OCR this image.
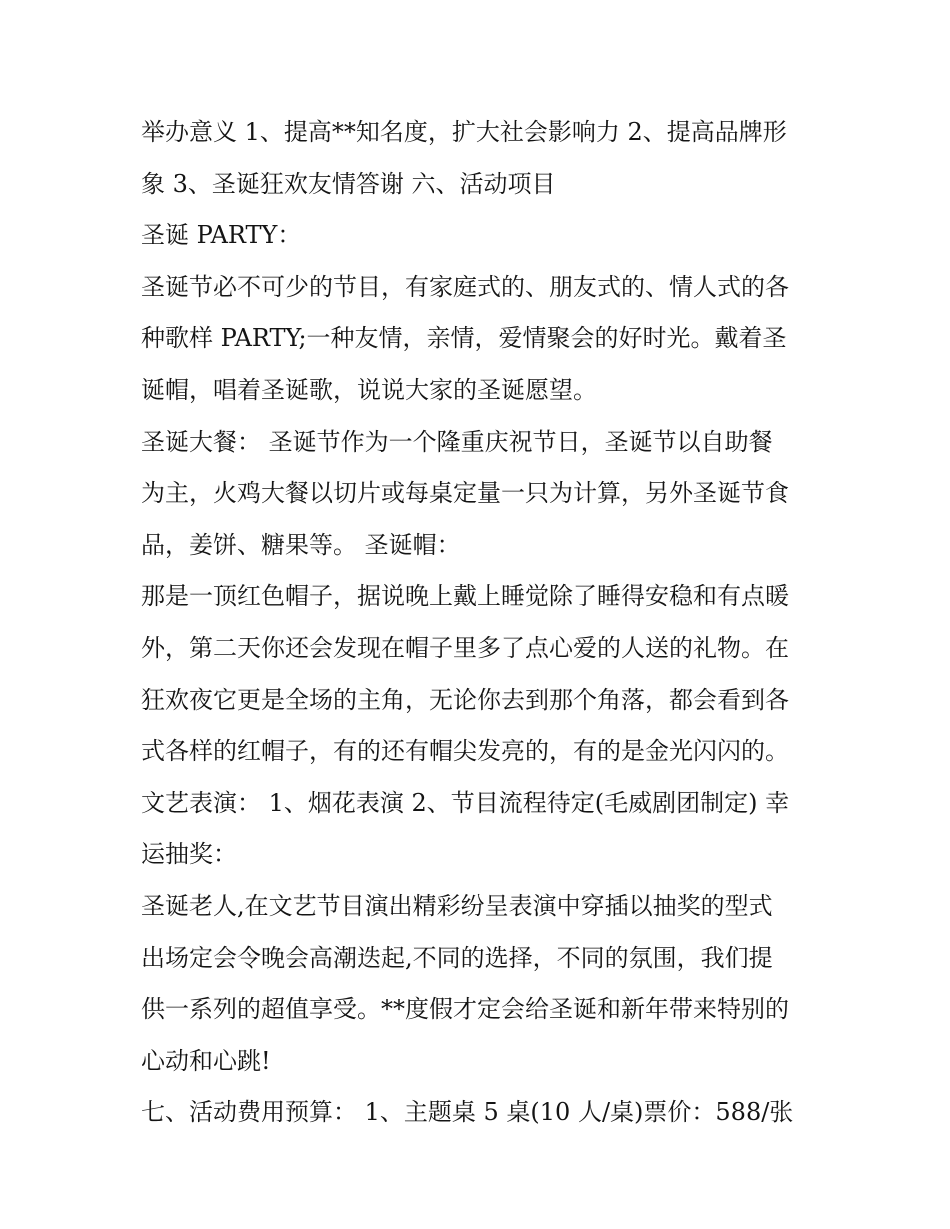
举办意义 1、提高**知名度，扩大社会影响力 2、提高品牌形
象 3、圣诞狂欢友情答谢 六、活动项目
圣诞 PARTY：
圣诞节必不可少的节目，有家庭式的、朋友式的、情人式的各
种歌样 PARTY;一种友情，亲情，爱情聚会的好时光。戴着圣
诞帽，唱着圣诞歌，说说大家的圣诞愿望。
圣诞大餐： 圣诞节作为一个隆重庆祝节日，圣诞节以自助餐
为主，火鸡大餐以切片或每桌定量一只为计算，另外圣诞节食
品，姜饼、糖果等。 圣诞帽：
那是一顶红色帽子，据说晚上戴上睡觉除了睡得安稳和有点暖
外，第二天你还会发现在帽子里多了点心爱的人送的礼物。在
狂欢夜它更是全场的主角，无论你去到那个角落，都会看到各
式各样的红帽子，有的还有帽尖发亮的，有的是金光闪闪的。
文艺表演： 1、烟花表演 2、节目流程待定(毛威剧团制定) 幸
运抽奖：
圣诞老人,在文艺节目演出精彩纷呈表演中穿插以抽奖的型式
出场定会令晚会高潮迭起,不同的选择，不同的氛围，我们提
供一系列的超值享受。**度假才定会给圣诞和新年带来特别的
心动和心跳!
七、活动费用预算： 1、主题桌 5 桌(10 人/桌)票价：588/张
